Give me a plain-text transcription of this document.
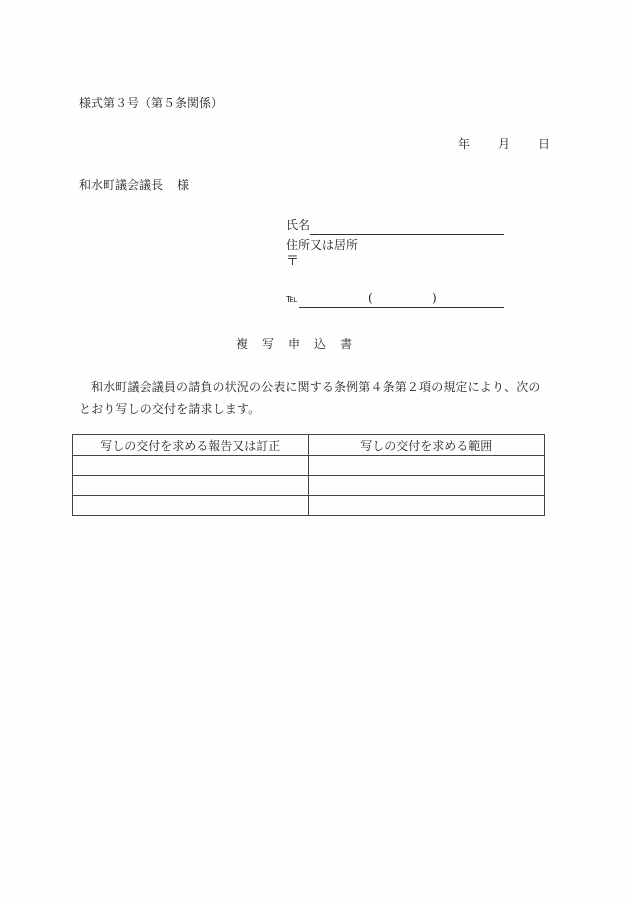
様式第３号（第５条関係）
年 月 日
和水町議会議長 様
氏名
住所又は居所
〒
℡	(	)
複 写 申 込 書
和水町議会議員の請負の状況の公表に関する条例第４条第２項の規定により、次のとおり写しの交付を請求します。
写しの交付を求める報告又は訂正	写しの交付を求める範囲
